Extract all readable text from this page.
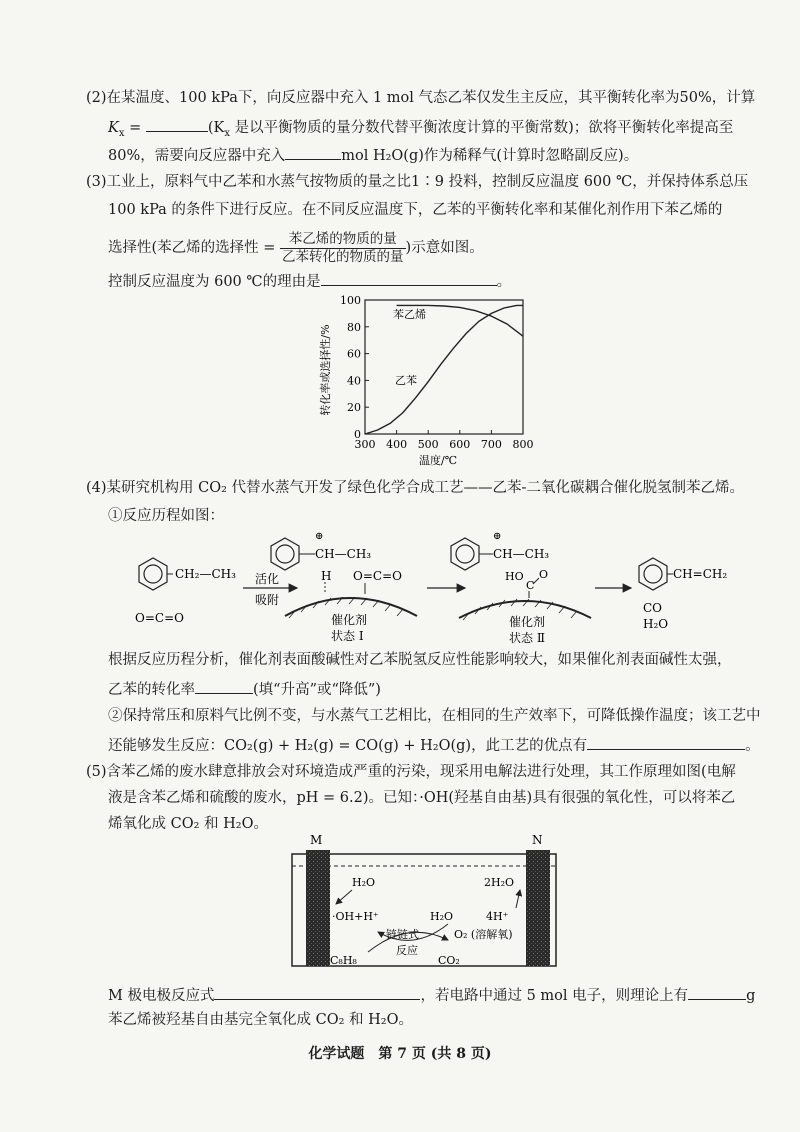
(2)在某温度、100 kPa下，向反应器中充入 1 mol 气态乙苯仅发生主反应，其平衡转化率为50%，计算
$K_x$ =	($K_x$ 是以平衡物质的量分数代替平衡浓度计算的平衡常数)；欲将平衡转化率提高至
80%，需要向反应器中充入	mol H₂O(g)作为稀释气(计算时忽略副反应)。
(3)工业上，原料气中乙苯和水蒸气按物质的量之比1∶9 投料，控制反应温度 600 ℃，并保持体系总压
100 kPa 的条件下进行反应。在不同反应温度下，乙苯的平衡转化率和某催化剂作用下苯乙烯的
选择性(苯乙烯的选择性 = $\frac{\text{苯乙烯的物质的量}}{\text{乙苯转化的物质的量}}$ )示意如图。
控制反应温度为 600 ℃的理由是	。
300 400 500 600 700 800
0
20
40
60
80
100
转化率或选择性/%
温度/℃
苯乙烯
乙苯
(4)某研究机构用 CO₂ 代替水蒸气开发了绿色化学合成工艺——乙苯-二氧化碳耦合催化脱氢制苯乙烯。
①反应历程如图：
CH₂—CH₃
O=C=O
活化
吸附
⊕
CH—CH₃
H O=C=O
催化剂
状态 Ⅰ
⊕
CH—CH₃
HO
C
O
催化剂
状态 Ⅱ
CH=CH₂
CO
H₂O
根据反应历程分析，催化剂表面酸碱性对乙苯脱氢反应性能影响较大，如果催化剂表面碱性太强，
乙苯的转化率	(填“升高”或“降低”)
②保持常压和原料气比例不变，与水蒸气工艺相比，在相同的生产效率下，可降低操作温度；该工艺中
还能够发生反应：CO₂(g) + H₂(g) = CO(g) + H₂O(g)，此工艺的优点有	。
(5)含苯乙烯的废水肆意排放会对环境造成严重的污染，现采用电解法进行处理，其工作原理如图(电解
液是含苯乙烯和硫酸的废水，pH = 6.2)。已知：·OH(羟基自由基)具有很强的氧化性，可以将苯乙
烯氧化成 CO₂ 和 H₂O。
M	N
H₂O
·OH+H⁺	H₂O
链链式
反应
C₈H₈	CO₂
O₂ (溶解氧)
2H₂O
4H⁺
M 极电极反应式	，若电路中通过 5 mol 电子，则理论上有	g
苯乙烯被羟基自由基完全氧化成 CO₂ 和 H₂O。
化学试题　第 7 页 (共 8 页)
